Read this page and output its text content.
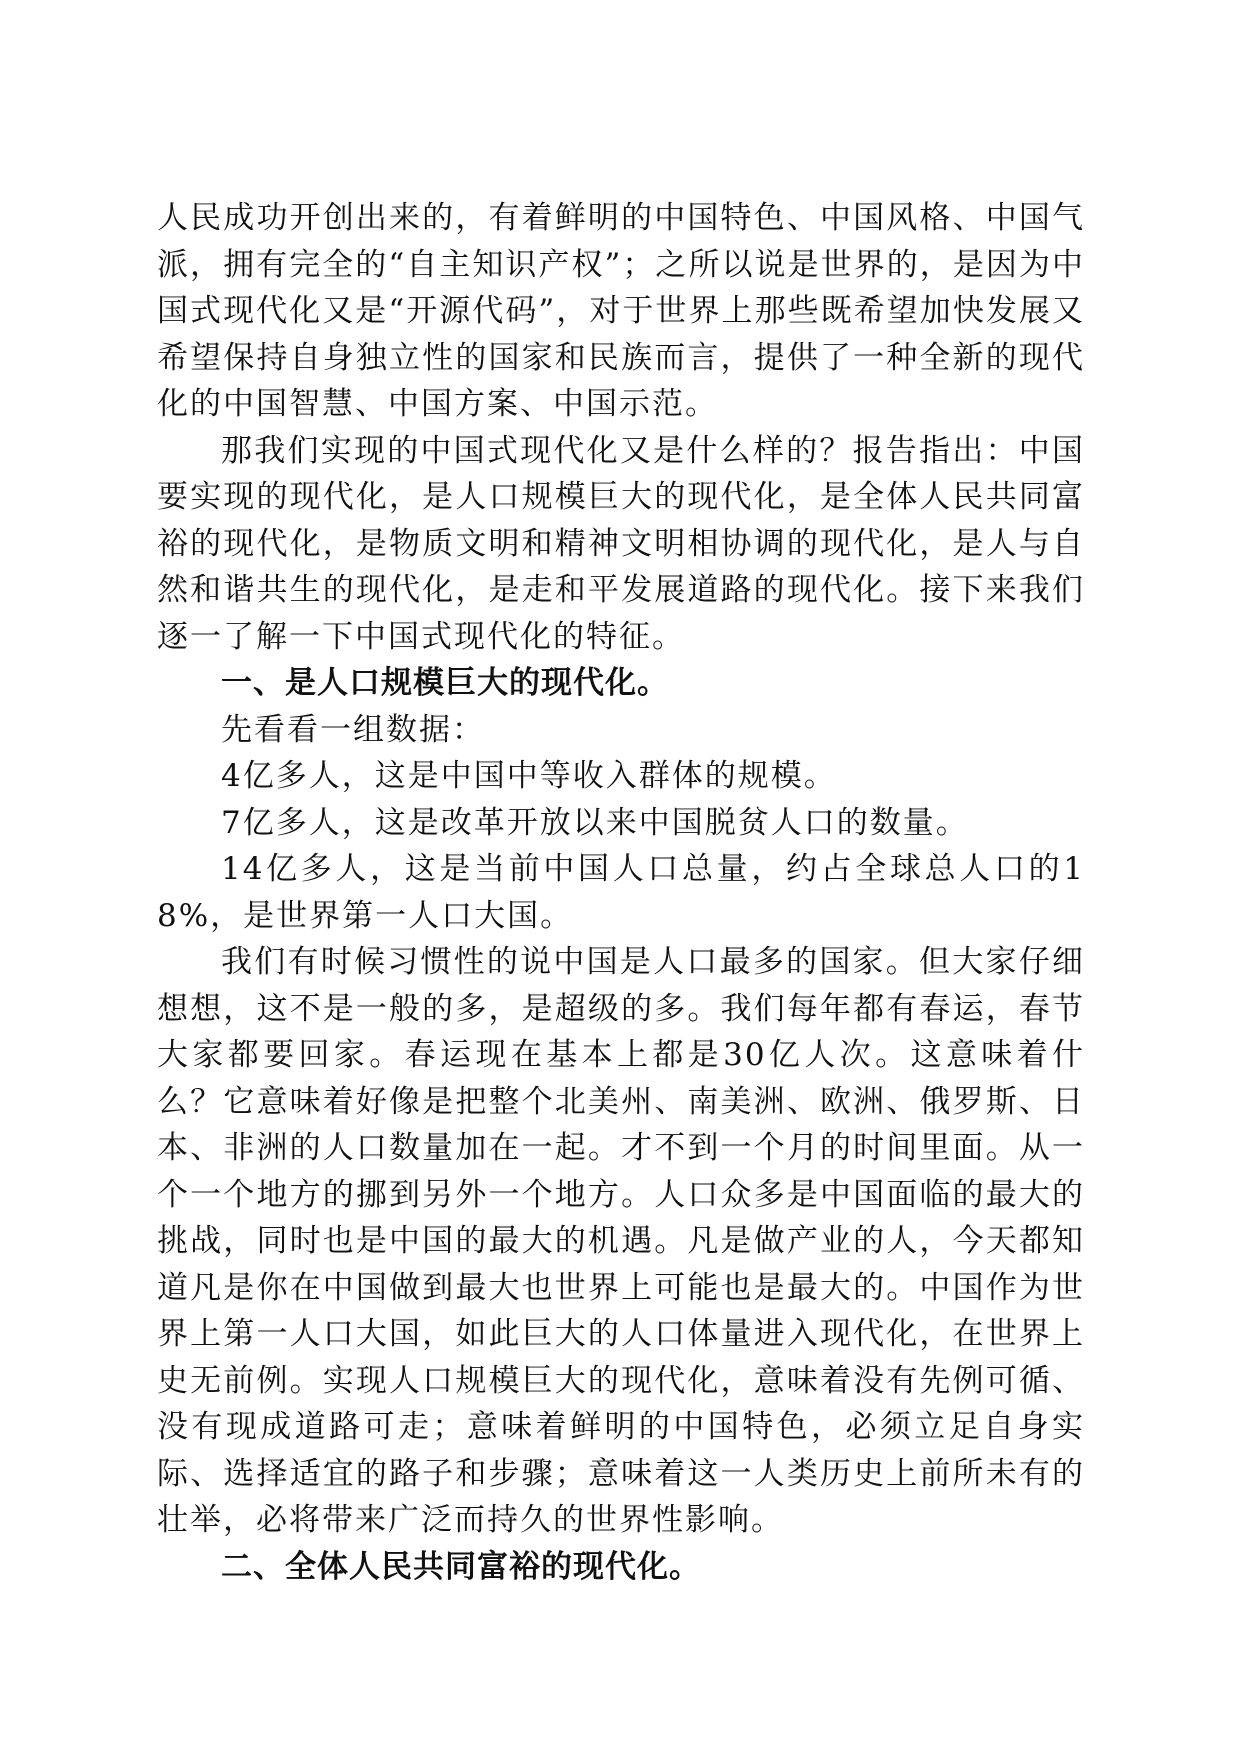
人民成功开创出来的，有着鲜明的中国特色、中国风格、中国气派，拥有完全的“自主知识产权”；之所以说是世界的，是因为中国式现代化又是“开源代码”，对于世界上那些既希望加快发展又希望保持自身独立性的国家和民族而言，提供了一种全新的现代化的中国智慧、中国方案、中国示范。

那我们实现的中国式现代化又是什么样的？报告指出：中国要实现的现代化，是人口规模巨大的现代化，是全体人民共同富裕的现代化，是物质文明和精神文明相协调的现代化，是人与自然和谐共生的现代化，是走和平发展道路的现代化。接下来我们逐一了解一下中国式现代化的特征。

一、是人口规模巨大的现代化。

先看看一组数据：

4亿多人，这是中国中等收入群体的规模。

7亿多人，这是改革开放以来中国脱贫人口的数量。

14亿多人，这是当前中国人口总量，约占全球总人口的18%，是世界第一人口大国。

我们有时候习惯性的说中国是人口最多的国家。但大家仔细想想，这不是一般的多，是超级的多。我们每年都有春运，春节大家都要回家。春运现在基本上都是30亿人次。这意味着什么？它意味着好像是把整个北美州、南美洲、欧洲、俄罗斯、日本、非洲的人口数量加在一起。才不到一个月的时间里面。从一个一个地方的挪到另外一个地方。人口众多是中国面临的最大的挑战，同时也是中国的最大的机遇。凡是做产业的人，今天都知道凡是你在中国做到最大也世界上可能也是最大的。中国作为世界上第一人口大国，如此巨大的人口体量进入现代化，在世界上史无前例。实现人口规模巨大的现代化，意味着没有先例可循、没有现成道路可走；意味着鲜明的中国特色，必须立足自身实际、选择适宜的路子和步骤；意味着这一人类历史上前所未有的壮举，必将带来广泛而持久的世界性影响。

二、全体人民共同富裕的现代化。
